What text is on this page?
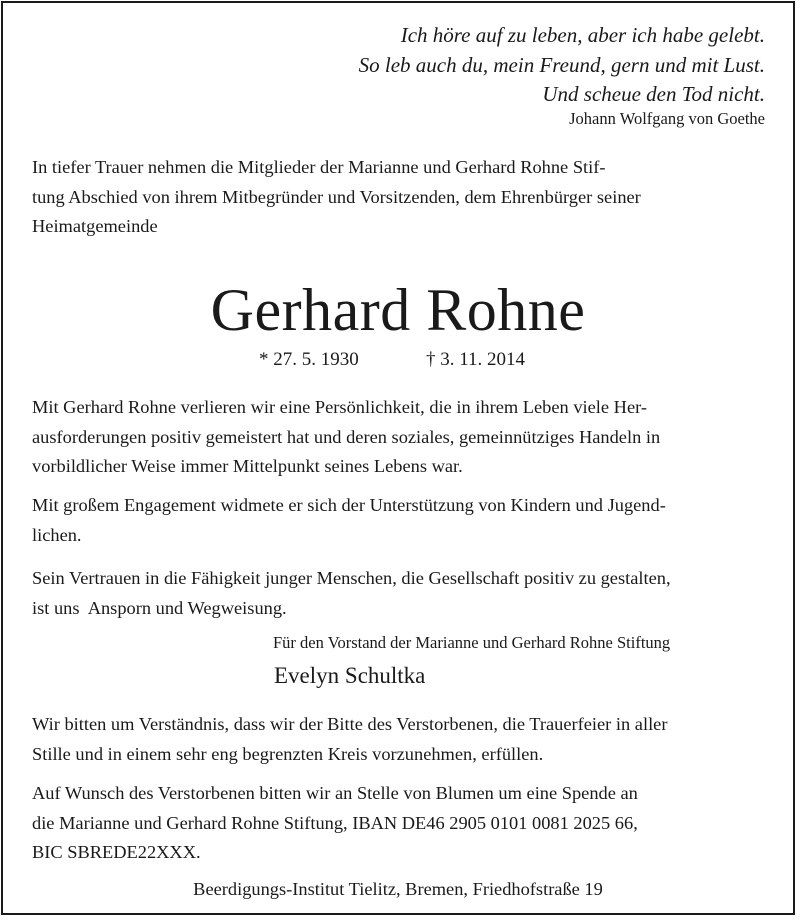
Ich höre auf zu leben, aber ich habe gelebt.
So leb auch du, mein Freund, gern und mit Lust.
Und scheue den Tod nicht.
Johann Wolfgang von Goethe
In tiefer Trauer nehmen die Mitglieder der Marianne und Gerhard Rohne Stif-
tung Abschied von ihrem Mitbegründer und Vorsitzenden, dem Ehrenbürger seiner
Heimatgemeinde
Gerhard Rohne
* 27. 5. 1930	† 3. 11. 2014
Mit Gerhard Rohne verlieren wir eine Persönlichkeit, die in ihrem Leben viele Her-
ausforderungen positiv gemeistert hat und deren soziales, gemeinnütziges Handeln in
vorbildlicher Weise immer Mittelpunkt seines Lebens war.
Mit großem Engagement widmete er sich der Unterstützung von Kindern und Jugend-
lichen.
Sein Vertrauen in die Fähigkeit junger Menschen, die Gesellschaft positiv zu gestalten,
ist uns  Ansporn und Wegweisung.
Für den Vorstand der Marianne und Gerhard Rohne Stiftung
Evelyn Schultka
Wir bitten um Verständnis, dass wir der Bitte des Verstorbenen, die Trauerfeier in aller
Stille und in einem sehr eng begrenzten Kreis vorzunehmen, erfüllen.
Auf Wunsch des Verstorbenen bitten wir an Stelle von Blumen um eine Spende an
die Marianne und Gerhard Rohne Stiftung, IBAN DE46 2905 0101 0081 2025 66,
BIC SBREDE22XXX.
Beerdigungs-Institut Tielitz, Bremen, Friedhofstraße 19
